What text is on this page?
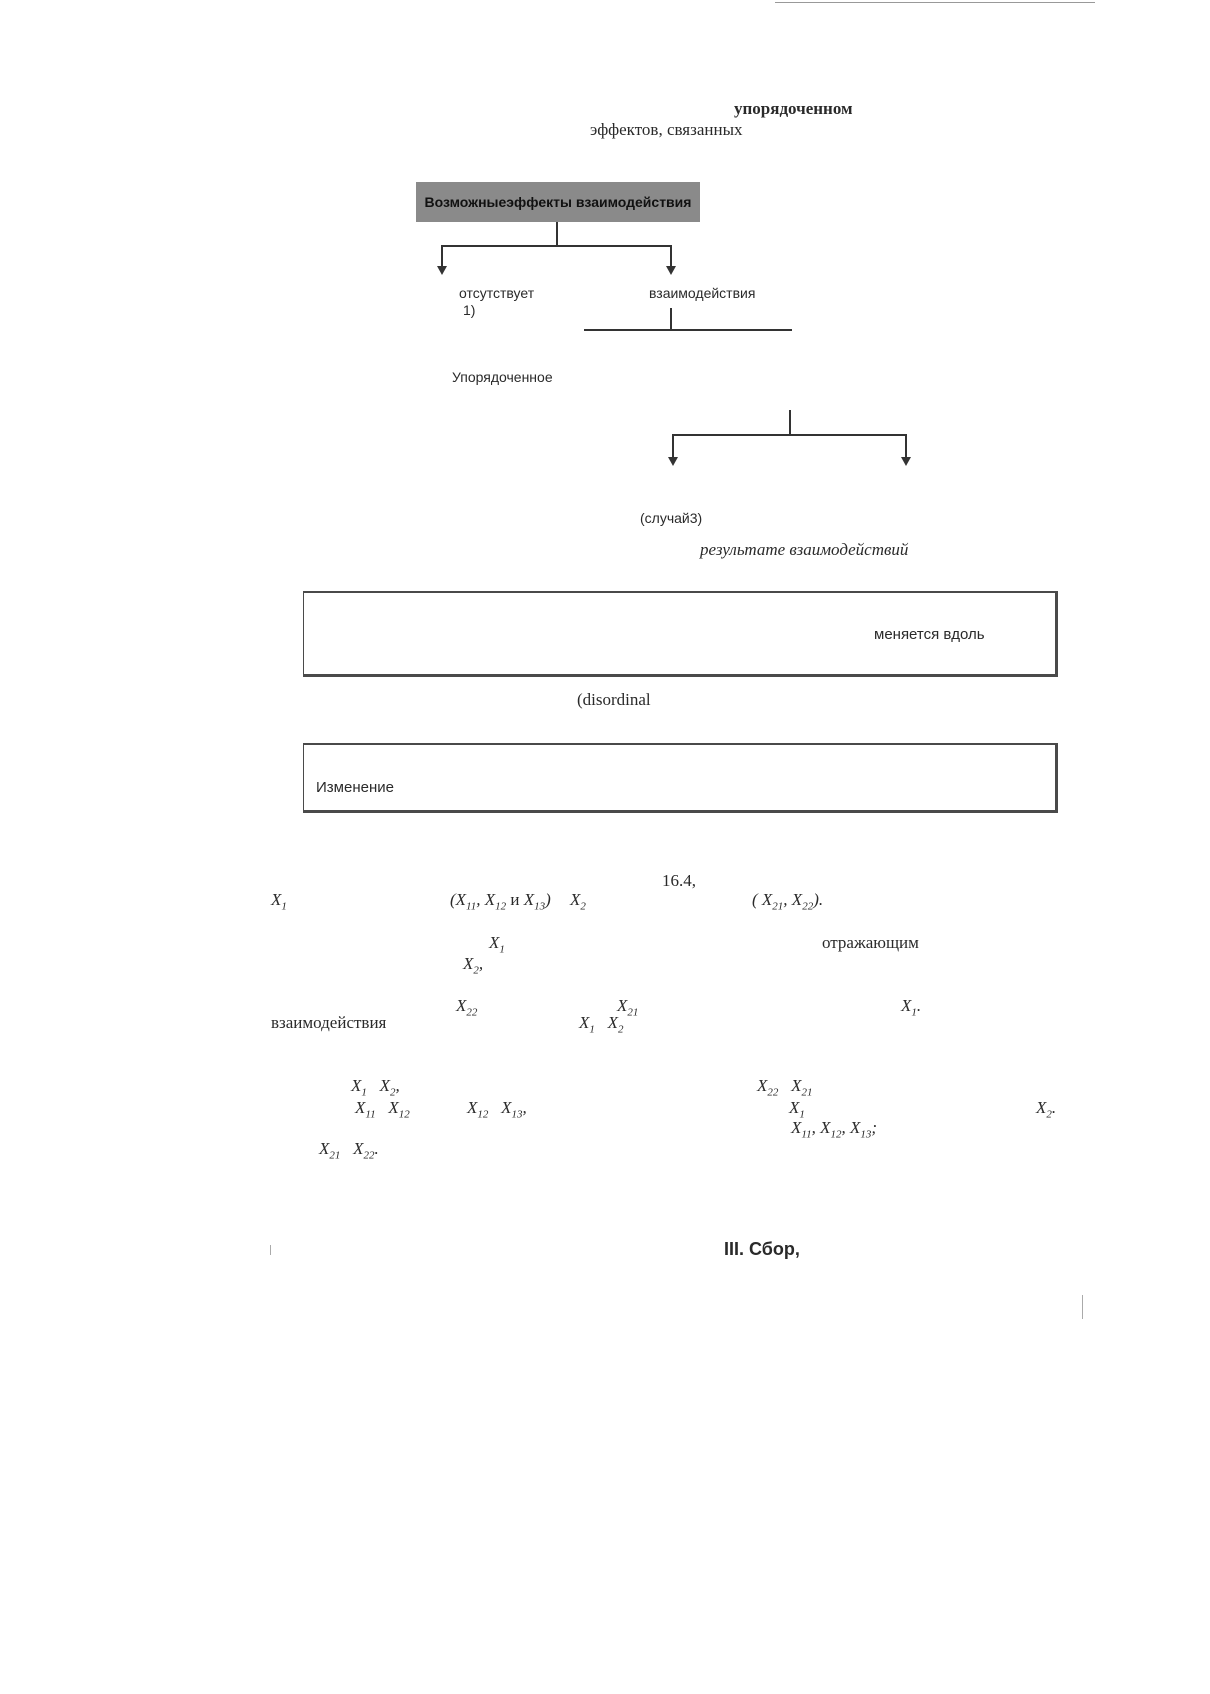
упорядоченном
эффектов, связанных
Возможныеэффекты взаимодействия
отсутствует
1)
взаимодействия
Упорядоченное
(случай3)
результате взаимодействий
меняется вдоль
(disordinal
Изменение
16.4,
$X_1$	($X_{11}$, $X_{12}$ и $X_{13}$) $X_2$	( $X_{21}$, $X_{22}$).
$X_1$	отражающим
$X_2$,
$X_{22}$	$X_{21}$	$X_1$.
взаимодействия	$X_1$   $X_2$
$X_1$   $X_2$,	$X_{22}$   $X_{21}$
$X_{11}$   $X_{12}$	$X_{12}$   $X_{13}$,	$X_1$	$X_2$.
$X_{11}$, $X_{12}$, $X_{13}$;
$X_{21}$   $X_{22}$.
III. Сбор,
